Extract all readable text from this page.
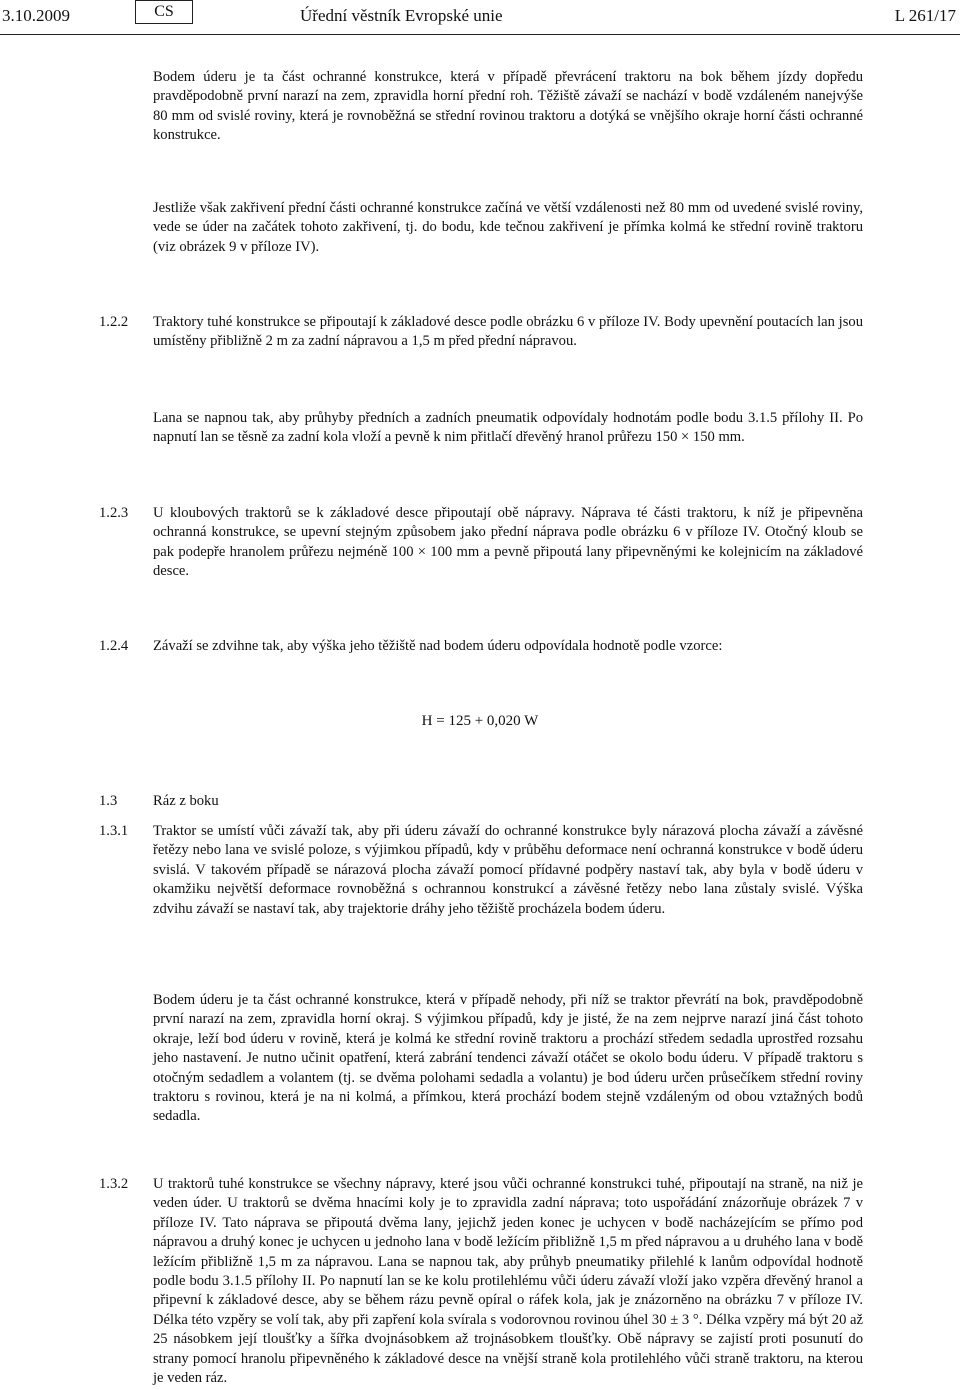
3.10.2009	CS	Úřední věstník Evropské unie	L 261/17
Bodem úderu je ta část ochranné konstrukce, která v případě převrácení traktoru na bok během jízdy dopředu pravděpodobně první narazí na zem, zpravidla horní přední roh. Těžiště závaží se nachází v bodě vzdáleném nanejvýše 80 mm od svislé roviny, která je rovnoběžná se střední rovinou traktoru a dotýká se vnějšího okraje horní části ochranné konstrukce.
Jestliže však zakřivení přední části ochranné konstrukce začíná ve větší vzdálenosti než 80 mm od uvedené svislé roviny, vede se úder na začátek tohoto zakřivení, tj. do bodu, kde tečnou zakřivení je přímka kolmá ke střední rovině traktoru (viz obrázek 9 v příloze IV).
1.2.2 Traktory tuhé konstrukce se připoutají k základové desce podle obrázku 6 v příloze IV. Body upevnění poutacích lan jsou umístěny přibližně 2 m za zadní nápravou a 1,5 m před přední nápravou.
Lana se napnou tak, aby průhyby předních a zadních pneumatik odpovídaly hodnotám podle bodu 3.1.5 přílohy II. Po napnutí lan se těsně za zadní kola vloží a pevně k nim přitlačí dřevěný hranol průřezu 150 × 150 mm.
1.2.3 U kloubových traktorů se k základové desce připoutají obě nápravy. Náprava té části traktoru, k níž je připevněna ochranná konstrukce, se upevní stejným způsobem jako přední náprava podle obrázku 6 v příloze IV. Otočný kloub se pak podepře hranolem průřezu nejméně 100 × 100 mm a pevně připoutá lany připevněnými ke kolejnicím na základové desce.
1.2.4 Závaží se zdvihne tak, aby výška jeho těžiště nad bodem úderu odpovídala hodnotě podle vzorce:
H = 125 + 0,020 W
1.3 Ráz z boku
1.3.1 Traktor se umístí vůči závaží tak, aby při úderu závaží do ochranné konstrukce byly nárazová plocha závaží a závěsné řetězy nebo lana ve svislé poloze, s výjimkou případů, kdy v průběhu deformace není ochranná konstrukce v bodě úderu svislá. V takovém případě se nárazová plocha závaží pomocí přídavné podpěry nastaví tak, aby byla v bodě úderu v okamžiku největší deformace rovnoběžná s ochrannou konstrukcí a závěsné řetězy nebo lana zůstaly svislé. Výška zdvihu závaží se nastaví tak, aby trajektorie dráhy jeho těžiště procházela bodem úderu.
Bodem úderu je ta část ochranné konstrukce, která v případě nehody, při níž se traktor převrátí na bok, pravděpodobně první narazí na zem, zpravidla horní okraj. S výjimkou případů, kdy je jisté, že na zem nejprve narazí jiná část tohoto okraje, leží bod úderu v rovině, která je kolmá ke střední rovině traktoru a prochází středem sedadla uprostřed rozsahu jeho nastavení. Je nutno učinit opatření, která zabrání tendenci závaží otáčet se okolo bodu úderu. V případě traktoru s otočným sedadlem a volantem (tj. se dvěma polohami sedadla a volantu) je bod úderu určen průsečíkem střední roviny traktoru s rovinou, která je na ni kolmá, a přímkou, která prochází bodem stejně vzdáleným od obou vztažných bodů sedadla.
1.3.2 U traktorů tuhé konstrukce se všechny nápravy, které jsou vůči ochranné konstrukci tuhé, připoutají na straně, na niž je veden úder. U traktorů se dvěma hnacími koly je to zpravidla zadní náprava; toto uspořádání znázorňuje obrázek 7 v příloze IV. Tato náprava se připoutá dvěma lany, jejichž jeden konec je uchycen v bodě nacházejícím se přímo pod nápravou a druhý konec je uchycen u jednoho lana v bodě ležícím přibližně 1,5 m před nápravou a u druhého lana v bodě ležícím přibližně 1,5 m za nápravou. Lana se napnou tak, aby průhyb pneumatiky přilehlé k lanům odpovídal hodnotě podle bodu 3.1.5 přílohy II. Po napnutí lan se ke kolu protilehlému vůči úderu závaží vloží jako vzpěra dřevěný hranol a připevní k základové desce, aby se během rázu pevně opíral o ráfek kola, jak je znázorněno na obrázku 7 v příloze IV. Délka této vzpěry se volí tak, aby při zapření kola svírala s vodorovnou rovinou úhel 30 ± 3 °. Délka vzpěry má být 20 až 25 násobkem její tloušťky a šířka dvojnásobkem až trojnásobkem tloušťky. Obě nápravy se zajistí proti posunutí do strany pomocí hranolu připevněného k základové desce na vnější straně kola protilehlého vůči straně traktoru, na kterou je veden ráz.
